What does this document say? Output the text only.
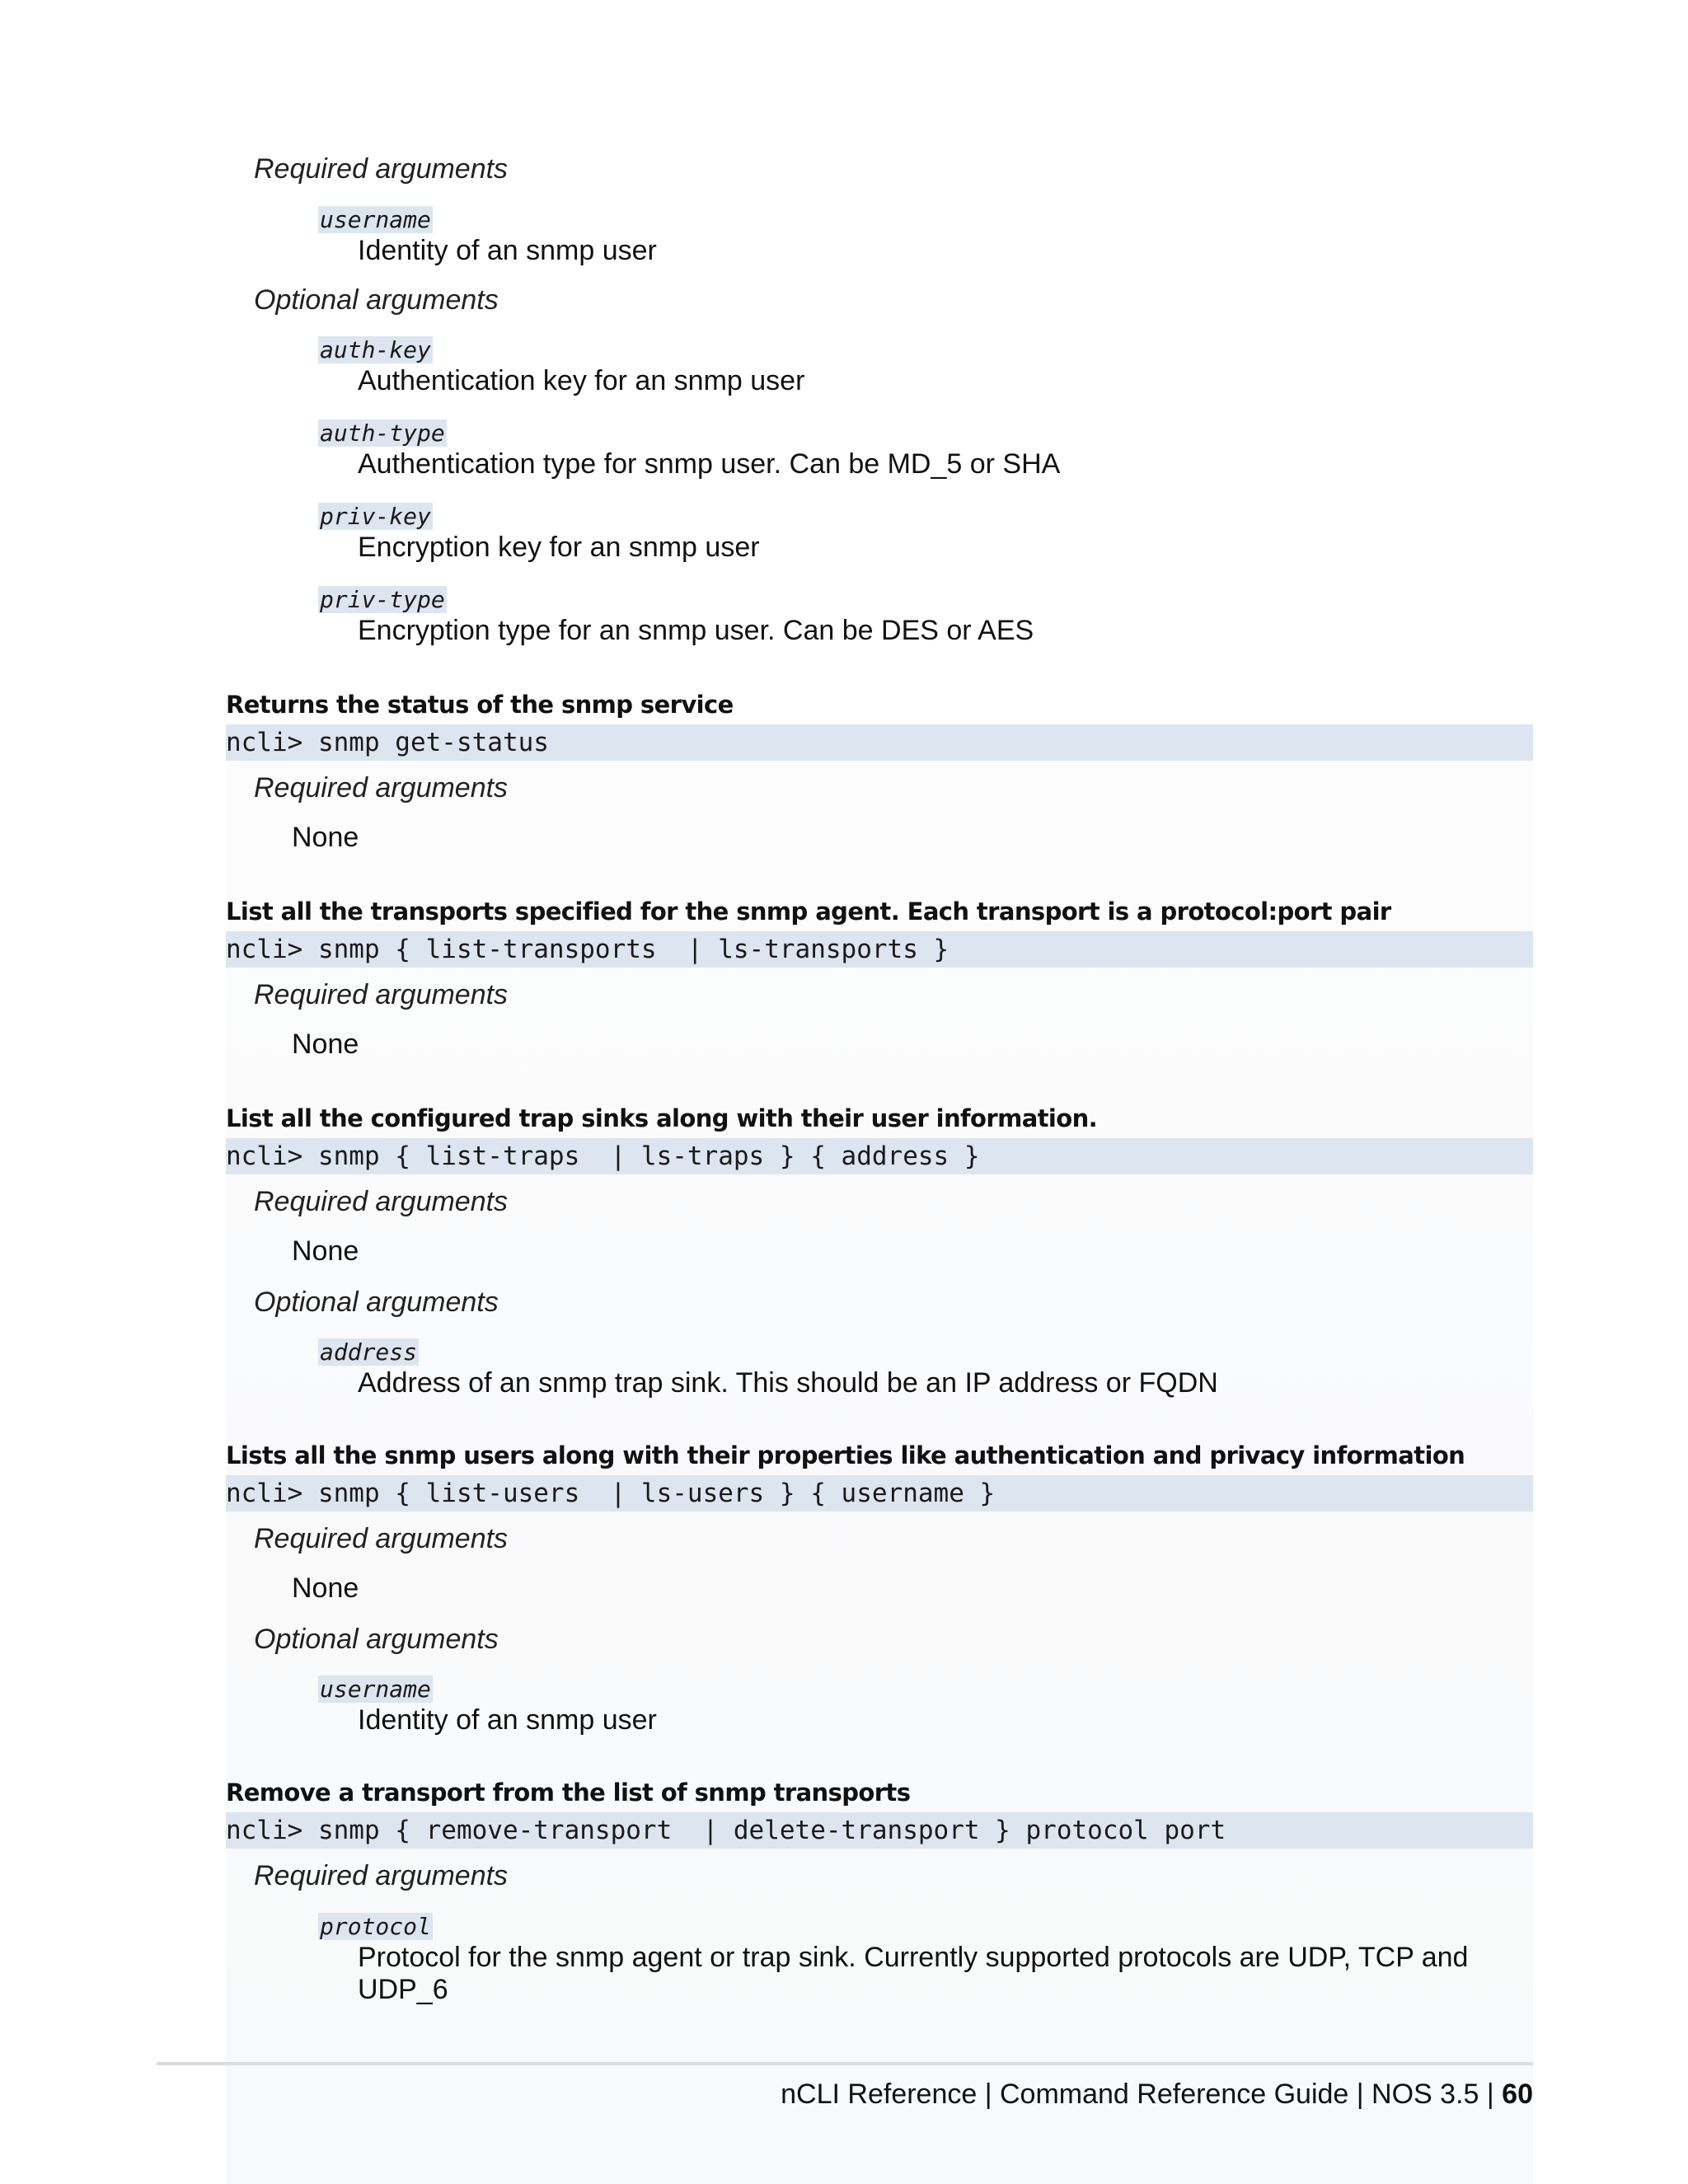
Required arguments
username
Identity of an snmp user
Optional arguments
auth-key
Authentication key for an snmp user
auth-type
Authentication type for snmp user. Can be MD_5 or SHA
priv-key
Encryption key for an snmp user
priv-type
Encryption type for an snmp user. Can be DES or AES
Returns the status of the snmp service
ncli> snmp get-status
Required arguments
None
List all the transports specified for the snmp agent. Each transport is a protocol:port pair
ncli> snmp { list-transports  | ls-transports }
Required arguments
None
List all the configured trap sinks along with their user information.
ncli> snmp { list-traps  | ls-traps } { address }
Required arguments
None
Optional arguments
address
Address of an snmp trap sink. This should be an IP address or FQDN
Lists all the snmp users along with their properties like authentication and privacy information
ncli> snmp { list-users  | ls-users } { username }
Required arguments
None
Optional arguments
username
Identity of an snmp user
Remove a transport from the list of snmp transports
ncli> snmp { remove-transport  | delete-transport } protocol port
Required arguments
protocol
Protocol for the snmp agent or trap sink. Currently supported protocols are UDP, TCP and
UDP_6
nCLI Reference | Command Reference Guide | NOS 3.5 | 60
